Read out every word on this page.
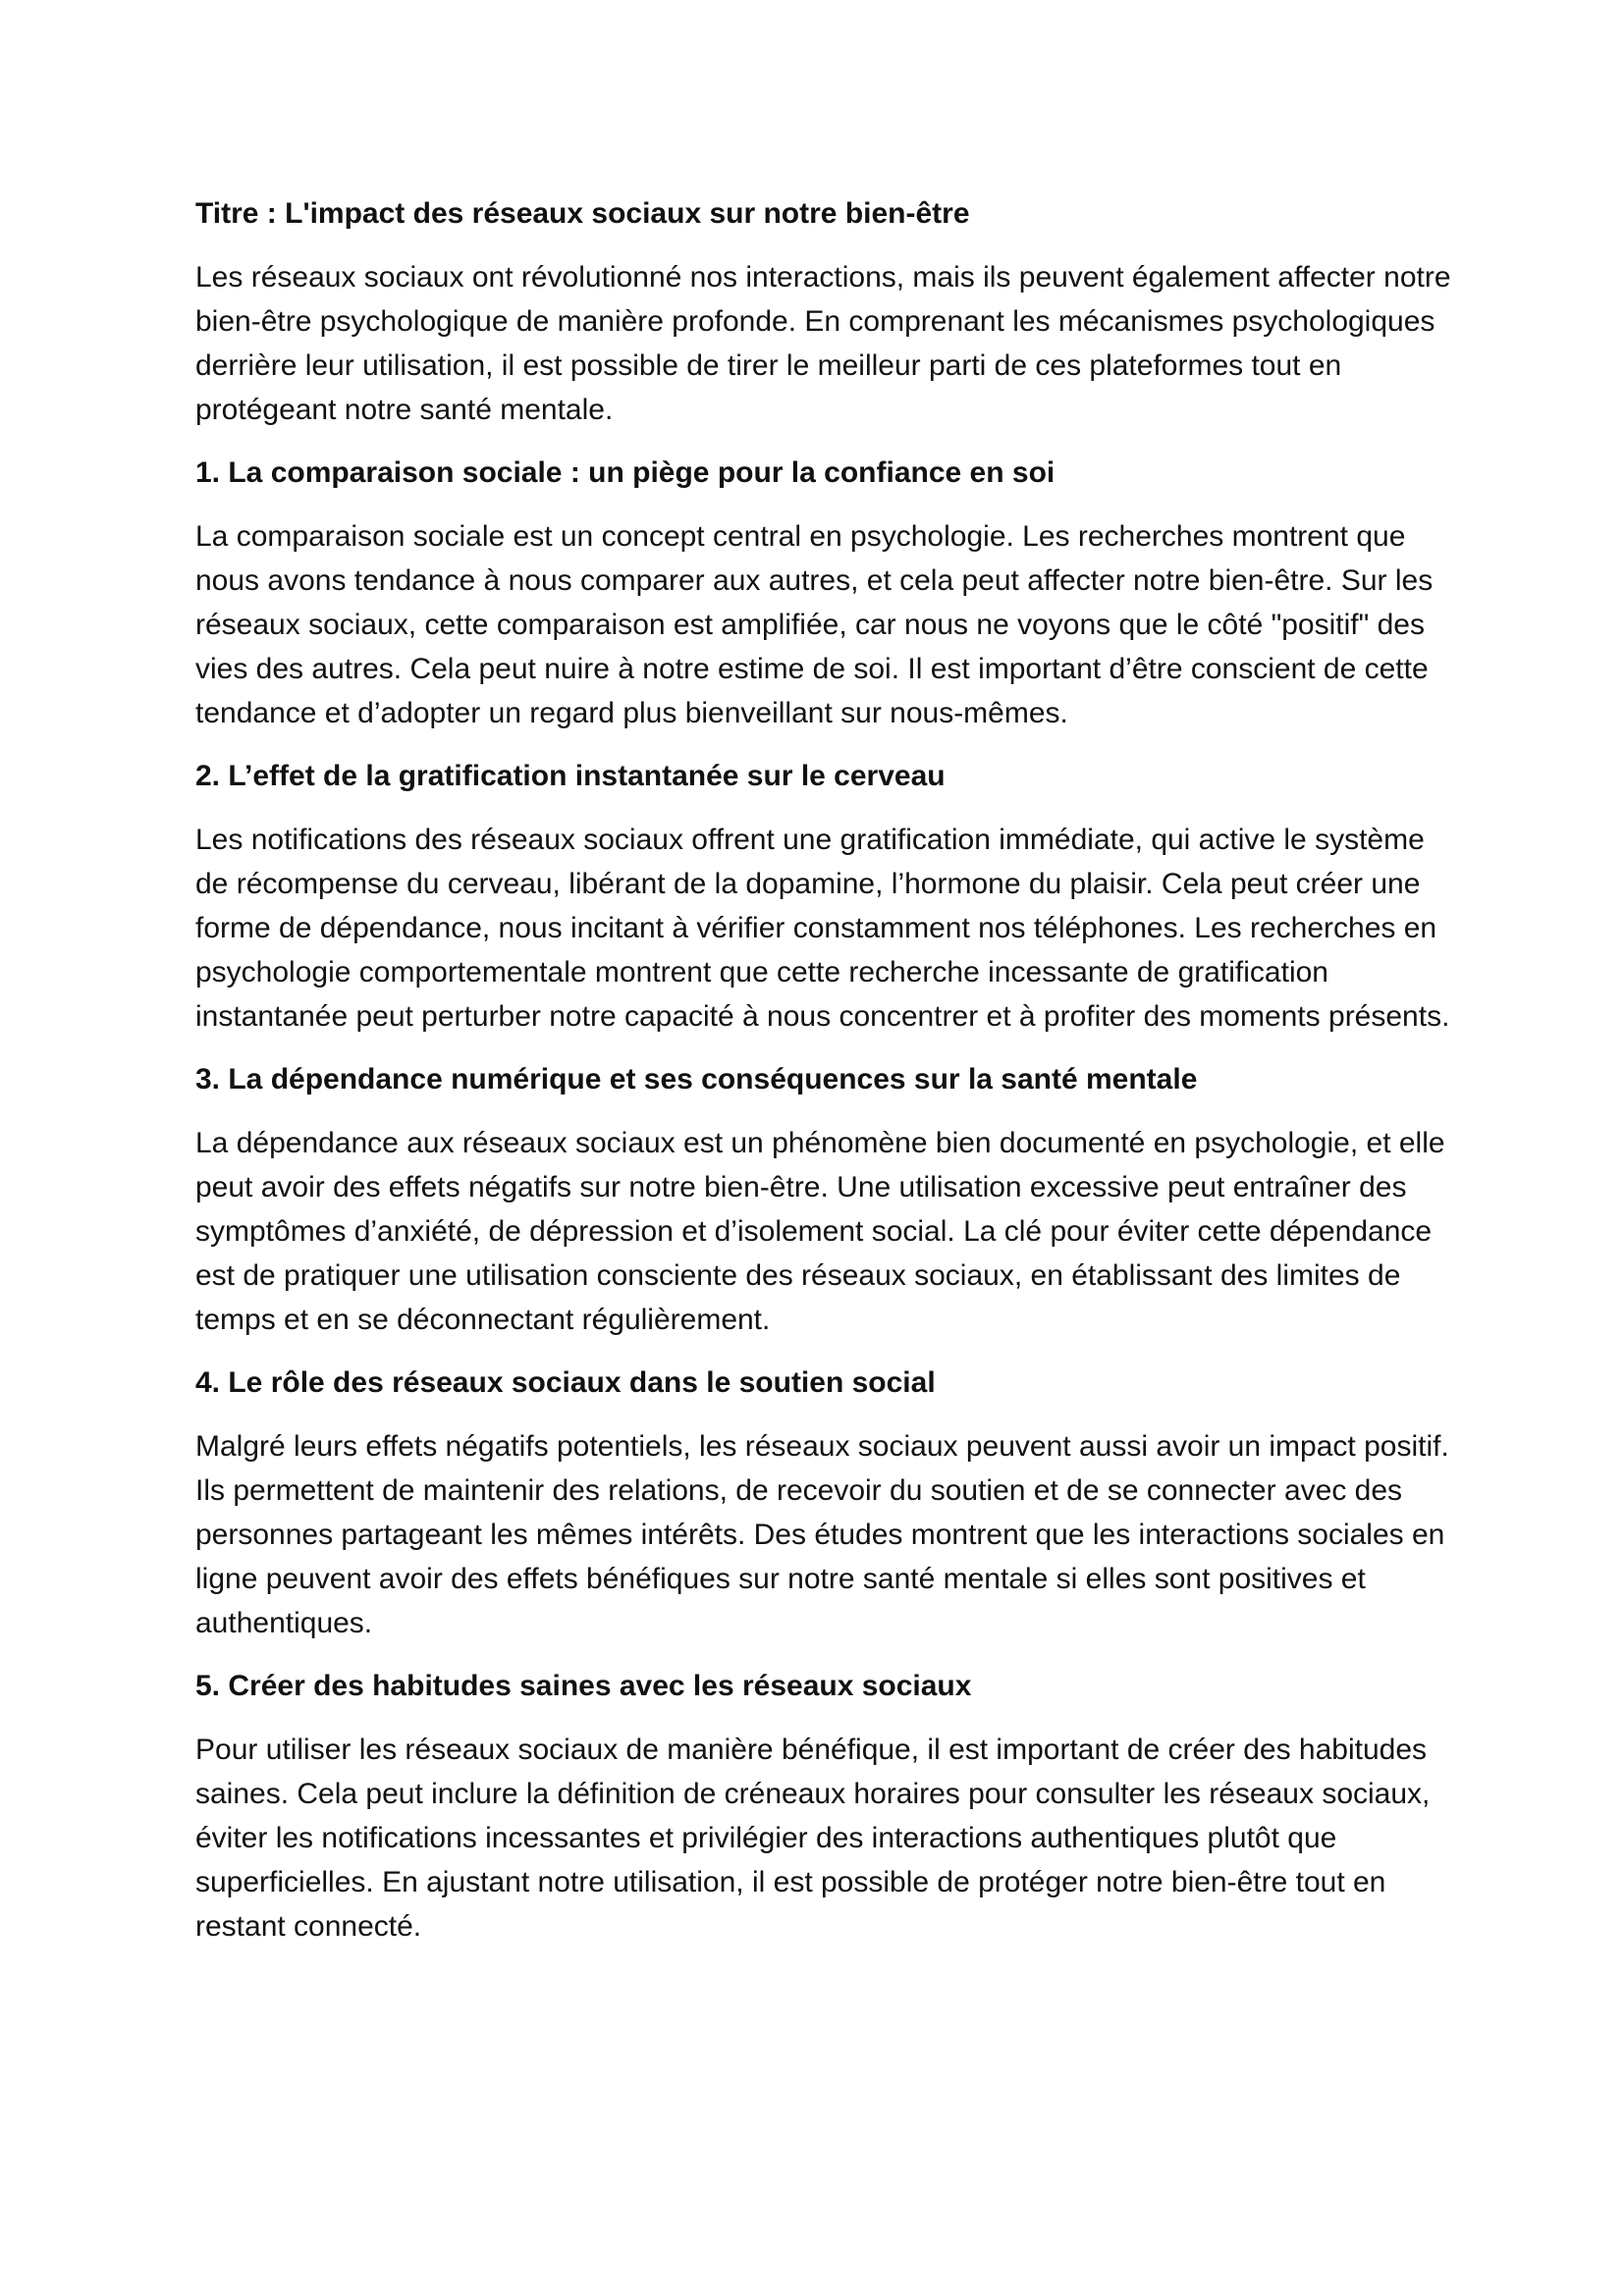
Titre : L'impact des réseaux sociaux sur notre bien-être
Les réseaux sociaux ont révolutionné nos interactions, mais ils peuvent également affecter notre bien-être psychologique de manière profonde. En comprenant les mécanismes psychologiques derrière leur utilisation, il est possible de tirer le meilleur parti de ces plateformes tout en protégeant notre santé mentale.
1. La comparaison sociale : un piège pour la confiance en soi
La comparaison sociale est un concept central en psychologie. Les recherches montrent que nous avons tendance à nous comparer aux autres, et cela peut affecter notre bien-être. Sur les réseaux sociaux, cette comparaison est amplifiée, car nous ne voyons que le côté "positif" des vies des autres. Cela peut nuire à notre estime de soi. Il est important d’être conscient de cette tendance et d’adopter un regard plus bienveillant sur nous-mêmes.
2. L’effet de la gratification instantanée sur le cerveau
Les notifications des réseaux sociaux offrent une gratification immédiate, qui active le système de récompense du cerveau, libérant de la dopamine, l’hormone du plaisir. Cela peut créer une forme de dépendance, nous incitant à vérifier constamment nos téléphones. Les recherches en psychologie comportementale montrent que cette recherche incessante de gratification instantanée peut perturber notre capacité à nous concentrer et à profiter des moments présents.
3. La dépendance numérique et ses conséquences sur la santé mentale
La dépendance aux réseaux sociaux est un phénomène bien documenté en psychologie, et elle peut avoir des effets négatifs sur notre bien-être. Une utilisation excessive peut entraîner des symptômes d’anxiété, de dépression et d’isolement social. La clé pour éviter cette dépendance est de pratiquer une utilisation consciente des réseaux sociaux, en établissant des limites de temps et en se déconnectant régulièrement.
4. Le rôle des réseaux sociaux dans le soutien social
Malgré leurs effets négatifs potentiels, les réseaux sociaux peuvent aussi avoir un impact positif. Ils permettent de maintenir des relations, de recevoir du soutien et de se connecter avec des personnes partageant les mêmes intérêts. Des études montrent que les interactions sociales en ligne peuvent avoir des effets bénéfiques sur notre santé mentale si elles sont positives et authentiques.
5. Créer des habitudes saines avec les réseaux sociaux
Pour utiliser les réseaux sociaux de manière bénéfique, il est important de créer des habitudes saines. Cela peut inclure la définition de créneaux horaires pour consulter les réseaux sociaux, éviter les notifications incessantes et privilégier des interactions authentiques plutôt que superficielles. En ajustant notre utilisation, il est possible de protéger notre bien-être tout en restant connecté.
